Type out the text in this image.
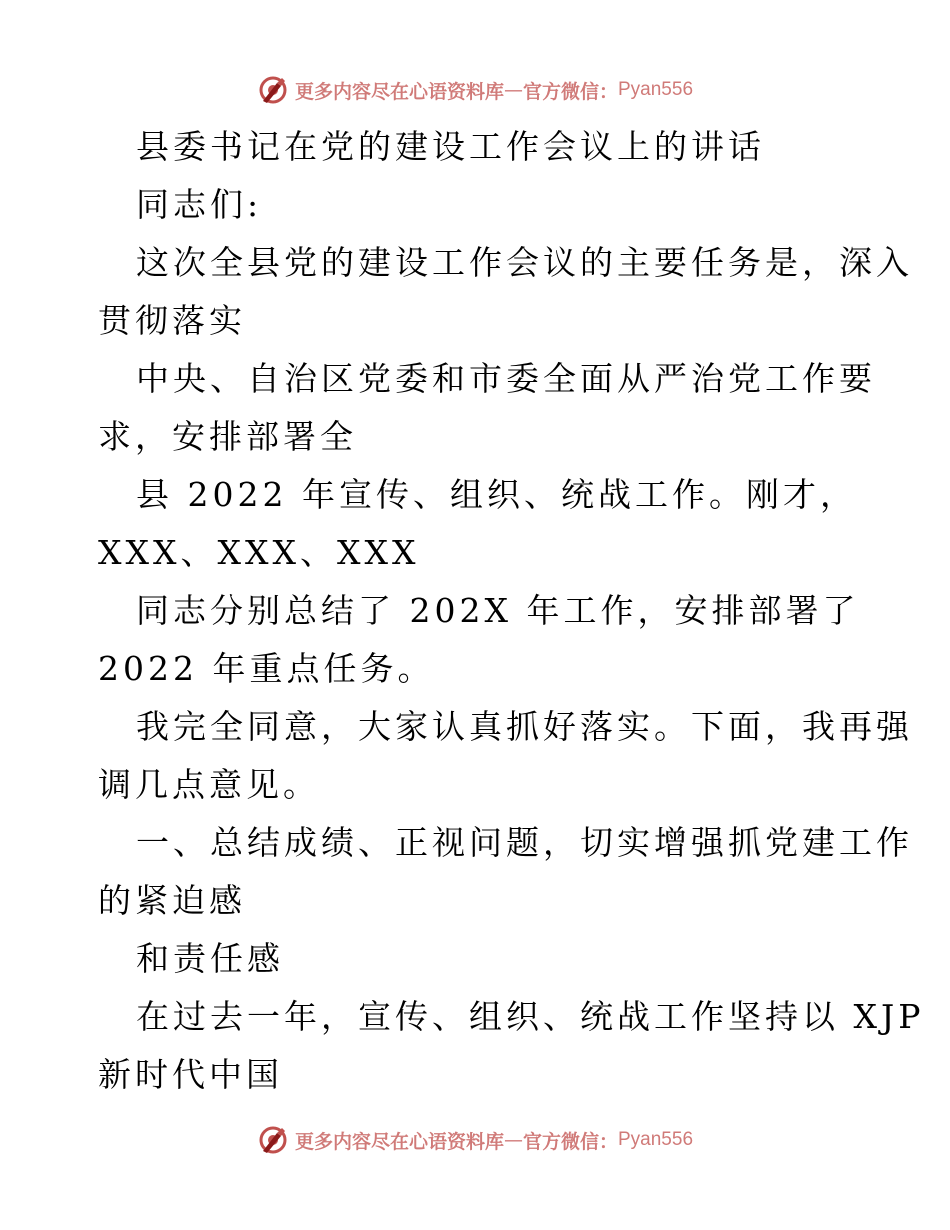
更多内容尽在心语资料库 — 官方微信： Pyan556
县委书记在党的建设工作会议上的讲话
同志们:
这次全县党的建设工作会议的主要任务是，深入
贯彻落实
中央、自治区党委和市委全面从严治党工作要
求，安排部署全
县 2022 年宣传、组织、统战工作。刚才，
XXX、XXX、XXX
同志分别总结了 202X 年工作，安排部署了
2022 年重点任务。
我完全同意，大家认真抓好落实。下面，我再强
调几点意见。
一、总结成绩、正视问题，切实增强抓党建工作
的紧迫感
和责任感
在过去一年，宣传、组织、统战工作坚持以 XJP
新时代中国
更多内容尽在心语资料库 — 官方微信： Pyan556
